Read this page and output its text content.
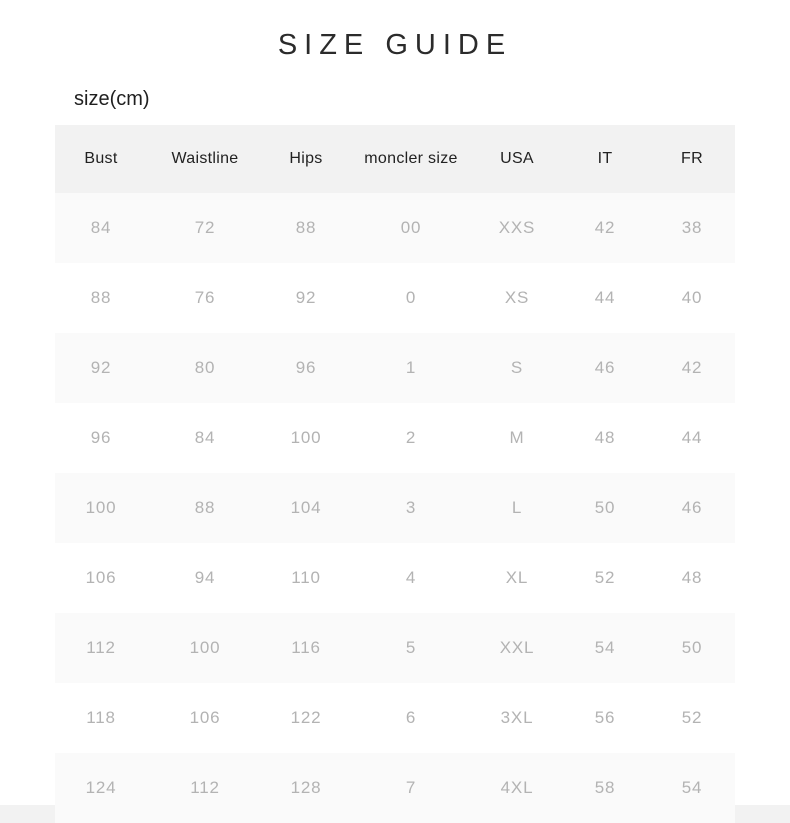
SIZE GUIDE

size(cm)

Bust	Waistline	Hips	moncler size	USA	IT	FR
84	72	88	00	XXS	42	38
88	76	92	0	XS	44	40
92	80	96	1	S	46	42
96	84	100	2	M	48	44
100	88	104	3	L	50	46
106	94	110	4	XL	52	48
112	100	116	5	XXL	54	50
118	106	122	6	3XL	56	52
124	112	128	7	4XL	58	54
